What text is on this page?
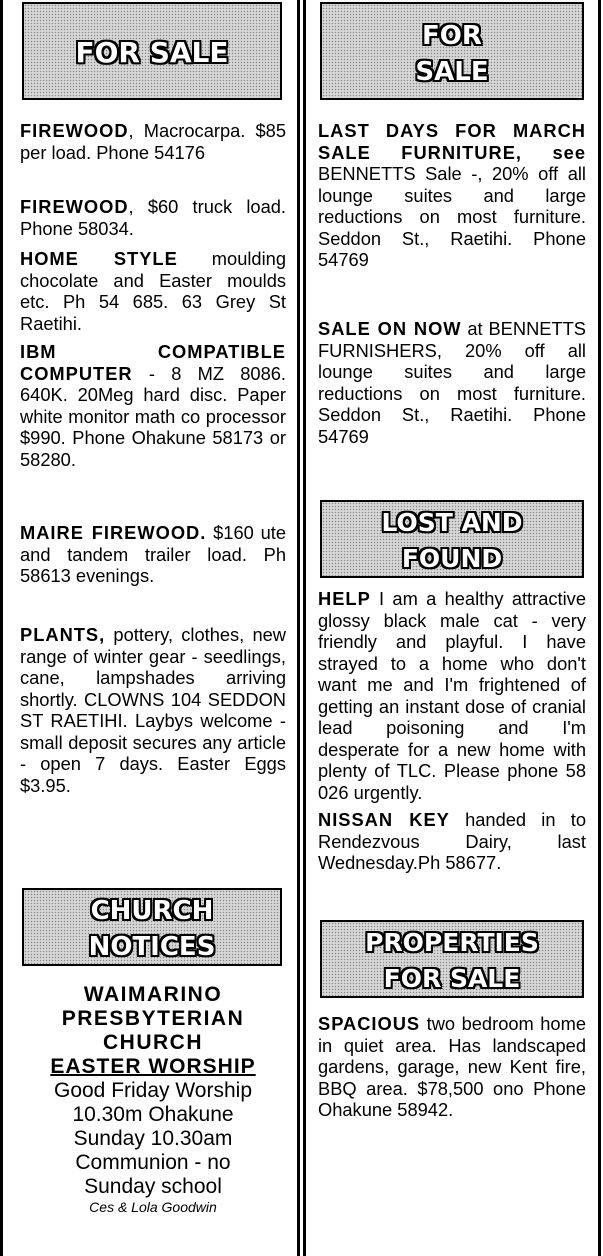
FOR SALE
FIREWOOD, Macrocarpa. $85 per load. Phone 54176
FIREWOOD, $60 truck load. Phone 58034.
HOME STYLE moulding chocolate and Easter moulds etc. Ph 54 685. 63 Grey St Raetihi.
IBM COMPATIBLE COMPUTER - 8 MZ 8086. 640K. 20Meg hard disc. Paper white monitor math co processor $990. Phone Ohakune 58173 or 58280.
MAIRE FIREWOOD. $160 ute and tandem trailer load. Ph 58613 evenings.
PLANTS, pottery, clothes, new range of winter gear - seedlings, cane, lampshades arriving shortly. CLOWNS 104 SEDDON ST RAETIHI. Laybys welcome - small deposit secures any article - open 7 days. Easter Eggs $3.95.
CHURCH
NOTICES
WAIMARINO
PRESBYTERIAN
CHURCH
EASTER WORSHIP
Good Friday Worship
10.30m Ohakune
Sunday 10.30am
Communion - no
Sunday school
Ces & Lola Goodwin
FOR
SALE
LAST DAYS FOR MARCH SALE FURNITURE, see BENNETTS Sale -, 20% off all lounge suites and large reductions on most furniture. Seddon St., Raetihi. Phone 54769
SALE ON NOW at BENNETTS FURNISHERS, 20% off all lounge suites and large reductions on most furniture. Seddon St., Raetihi. Phone 54769
LOST AND
FOUND
HELP I am a healthy attractive glossy black male cat - very friendly and playful. I have strayed to a home who don't want me and I'm frightened of getting an instant dose of cranial lead poisoning and I'm desperate for a new home with plenty of TLC. Please phone 58 026 urgently.
NISSAN KEY handed in to Rendezvous Dairy, last Wednesday.Ph 58677.
PROPERTIES
FOR SALE
SPACIOUS two bedroom home in quiet area. Has landscaped gardens, garage, new Kent fire, BBQ area. $78,500 ono Phone Ohakune 58942.
